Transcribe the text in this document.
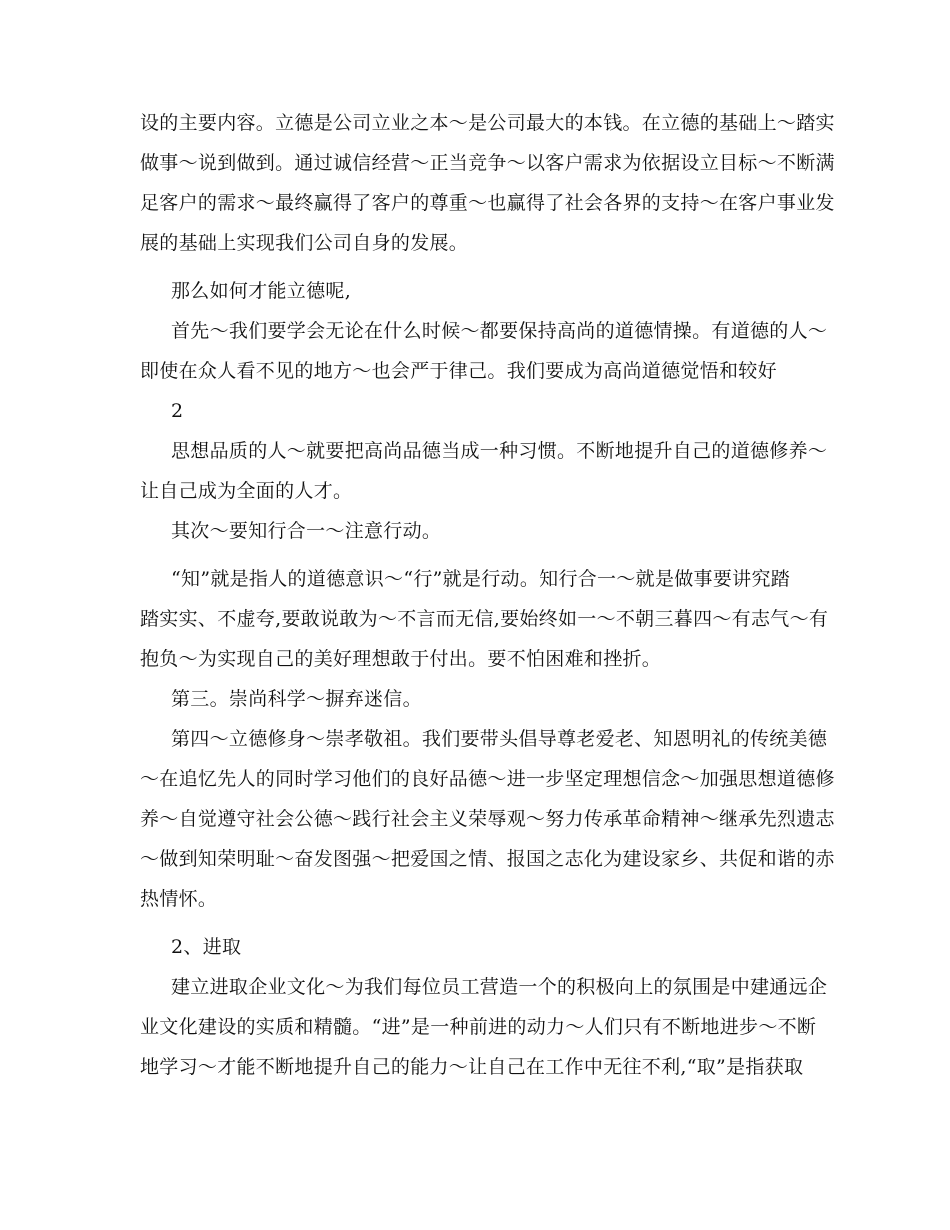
设的主要内容。立德是公司立业之本～是公司最大的本钱。在立德的基础上～踏实
做事～说到做到。通过诚信经营～正当竞争～以客户需求为依据设立目标～不断满
足客户的需求～最终赢得了客户的尊重～也赢得了社会各界的支持～在客户事业发
展的基础上实现我们公司自身的发展。
那么如何才能立德呢,
首先～我们要学会无论在什么时候～都要保持高尚的道德情操。有道德的人～
即使在众人看不见的地方～也会严于律己。我们要成为高尚道德觉悟和较好
2
思想品质的人～就要把高尚品德当成一种习惯。不断地提升自己的道德修养～
让自己成为全面的人才。
其次～要知行合一～注意行动。
“知”就是指人的道德意识～“行”就是行动。知行合一～就是做事要讲究踏
踏实实、不虚夸,要敢说敢为～不言而无信,要始终如一～不朝三暮四～有志气～有
抱负～为实现自己的美好理想敢于付出。要不怕困难和挫折。
第三。崇尚科学～摒弃迷信。
第四～立德修身～崇孝敬祖。我们要带头倡导尊老爱老、知恩明礼的传统美德
～在追忆先人的同时学习他们的良好品德～进一步坚定理想信念～加强思想道德修
养～自觉遵守社会公德～践行社会主义荣辱观～努力传承革命精神～继承先烈遗志
～做到知荣明耻～奋发图强～把爱国之情、报国之志化为建设家乡、共促和谐的赤
热情怀。
2、进取
建立进取企业文化～为我们每位员工营造一个的积极向上的氛围是中建通远企
业文化建设的实质和精髓。“进”是一种前进的动力～人们只有不断地进步～不断
地学习～才能不断地提升自己的能力～让自己在工作中无往不利,“取”是指获取
